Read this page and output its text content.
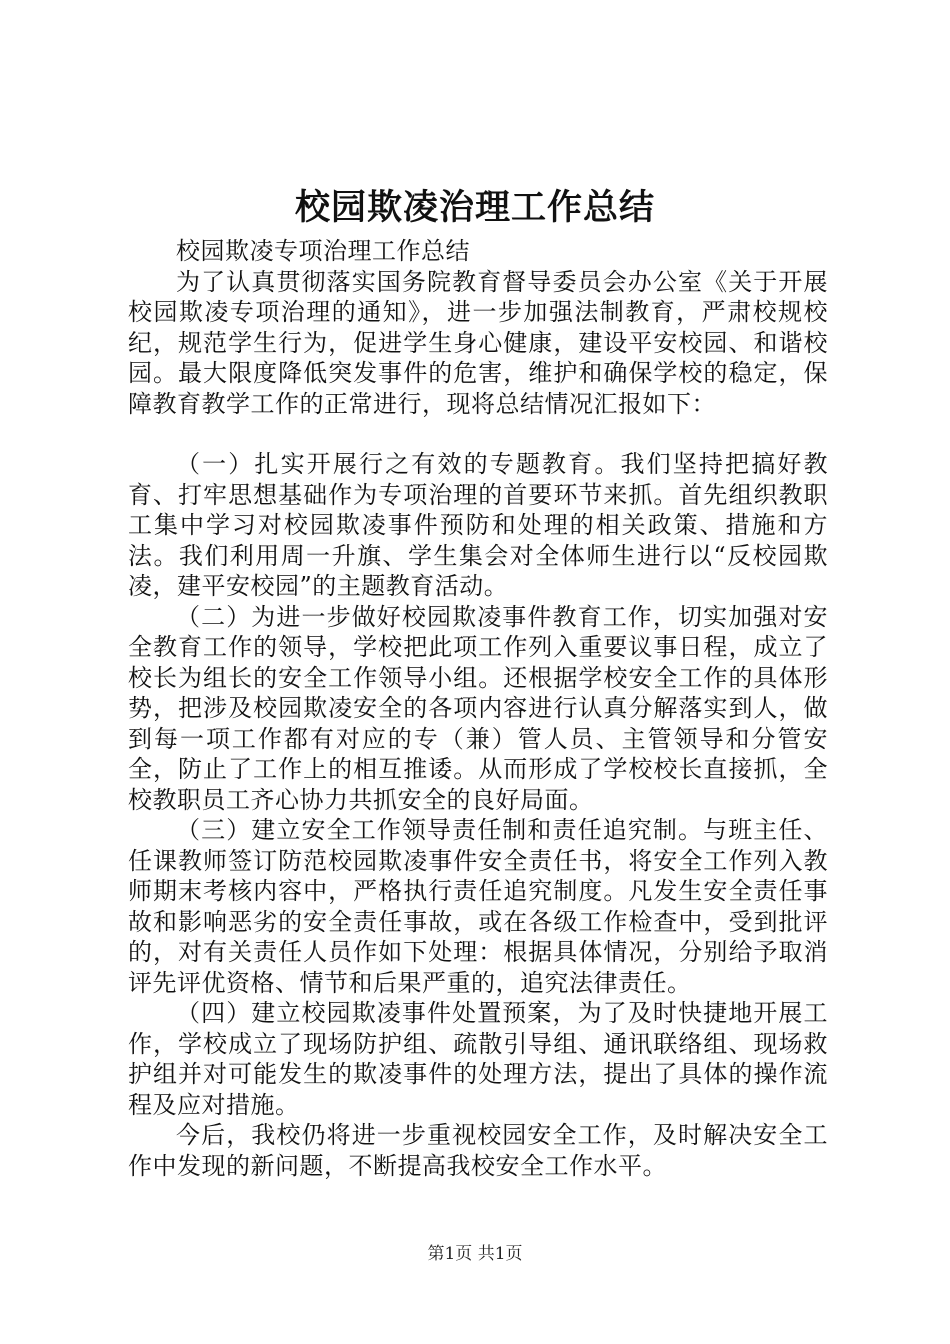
校园欺凌治理工作总结

校园欺凌专项治理工作总结

为了认真贯彻落实国务院教育督导委员会办公室《关于开展校园欺凌专项治理的通知》，进一步加强法制教育，严肃校规校纪，规范学生行为，促进学生身心健康，建设平安校园、和谐校园。最大限度降低突发事件的危害，维护和确保学校的稳定，保障教育教学工作的正常进行，现将总结情况汇报如下：

（一）扎实开展行之有效的专题教育。我们坚持把搞好教育、打牢思想基础作为专项治理的首要环节来抓。首先组织教职工集中学习对校园欺凌事件预防和处理的相关政策、措施和方法。我们利用周一升旗、学生集会对全体师生进行以“反校园欺凌，建平安校园”的主题教育活动。

（二）为进一步做好校园欺凌事件教育工作，切实加强对安全教育工作的领导，学校把此项工作列入重要议事日程，成立了校长为组长的安全工作领导小组。还根据学校安全工作的具体形势，把涉及校园欺凌安全的各项内容进行认真分解落实到人，做到每一项工作都有对应的专（兼）管人员、主管领导和分管安全，防止了工作上的相互推诿。从而形成了学校校长直接抓，全校教职员工齐心协力共抓安全的良好局面。

（三）建立安全工作领导责任制和责任追究制。与班主任、任课教师签订防范校园欺凌事件安全责任书，将安全工作列入教师期末考核内容中，严格执行责任追究制度。凡发生安全责任事故和影响恶劣的安全责任事故，或在各级工作检查中，受到批评的，对有关责任人员作如下处理：根据具体情况，分别给予取消评先评优资格、情节和后果严重的，追究法律责任。

（四）建立校园欺凌事件处置预案，为了及时快捷地开展工作，学校成立了现场防护组、疏散引导组、通讯联络组、现场救护组并对可能发生的欺凌事件的处理方法，提出了具体的操作流程及应对措施。

今后，我校仍将进一步重视校园安全工作，及时解决安全工作中发现的新问题，不断提高我校安全工作水平。

第1页 共1页
